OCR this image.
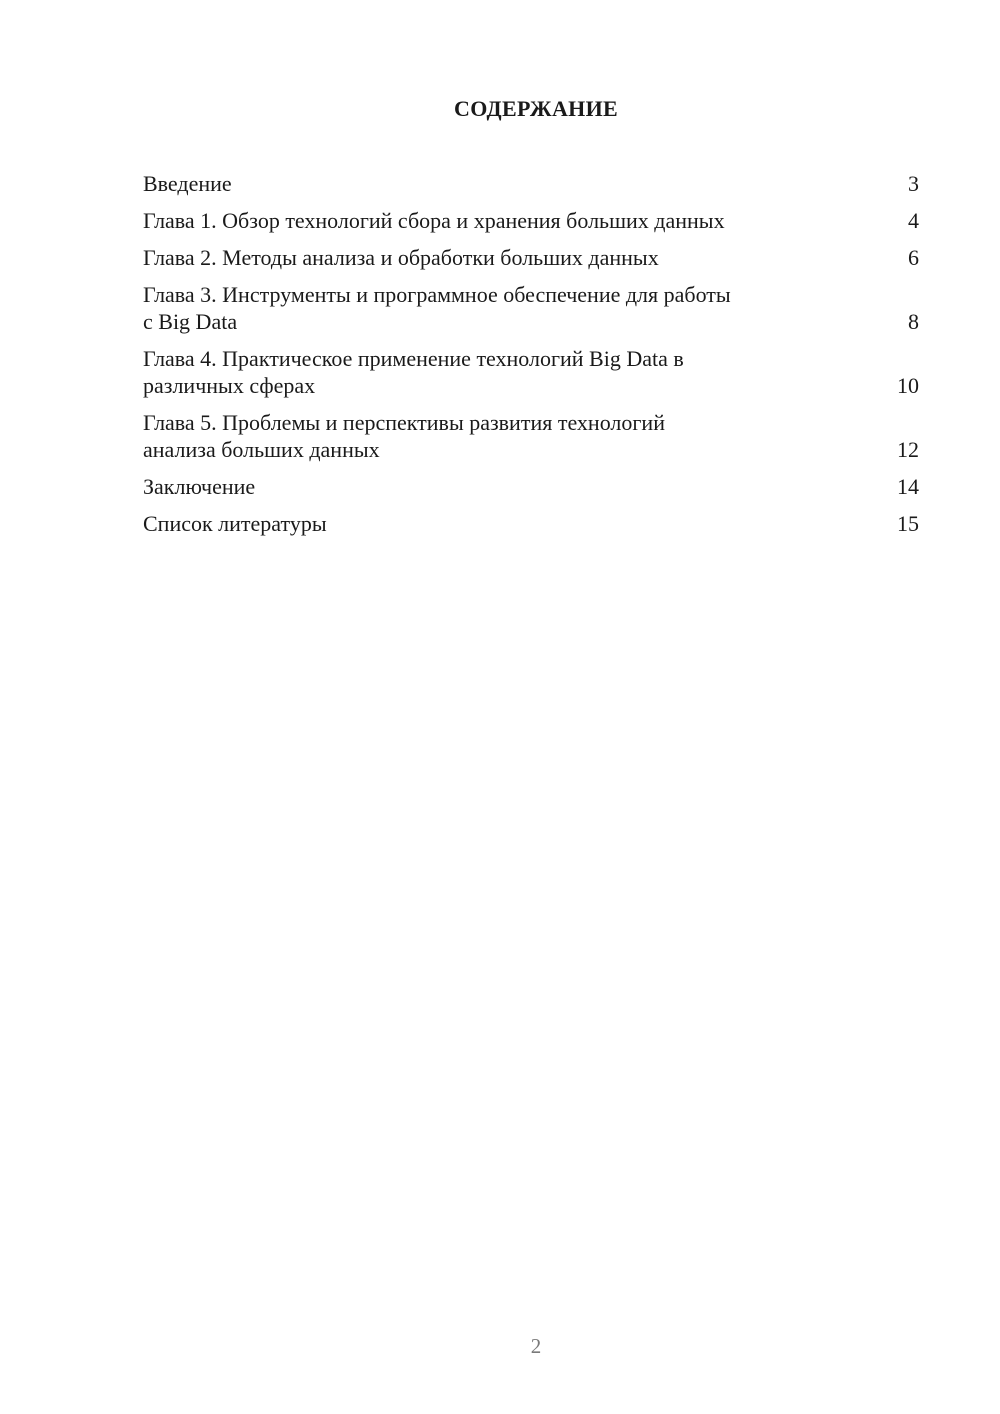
СОДЕРЖАНИЕ
Введение	3
Глава 1. Обзор технологий сбора и хранения больших данных	4
Глава 2. Методы анализа и обработки больших данных	6
Глава 3. Инструменты и программное обеспечение для работы
с Big Data	8
Глава 4. Практическое применение технологий Big Data в
различных сферах	10
Глава 5. Проблемы и перспективы развития технологий
анализа больших данных	12
Заключение	14
Список литературы	15
2
